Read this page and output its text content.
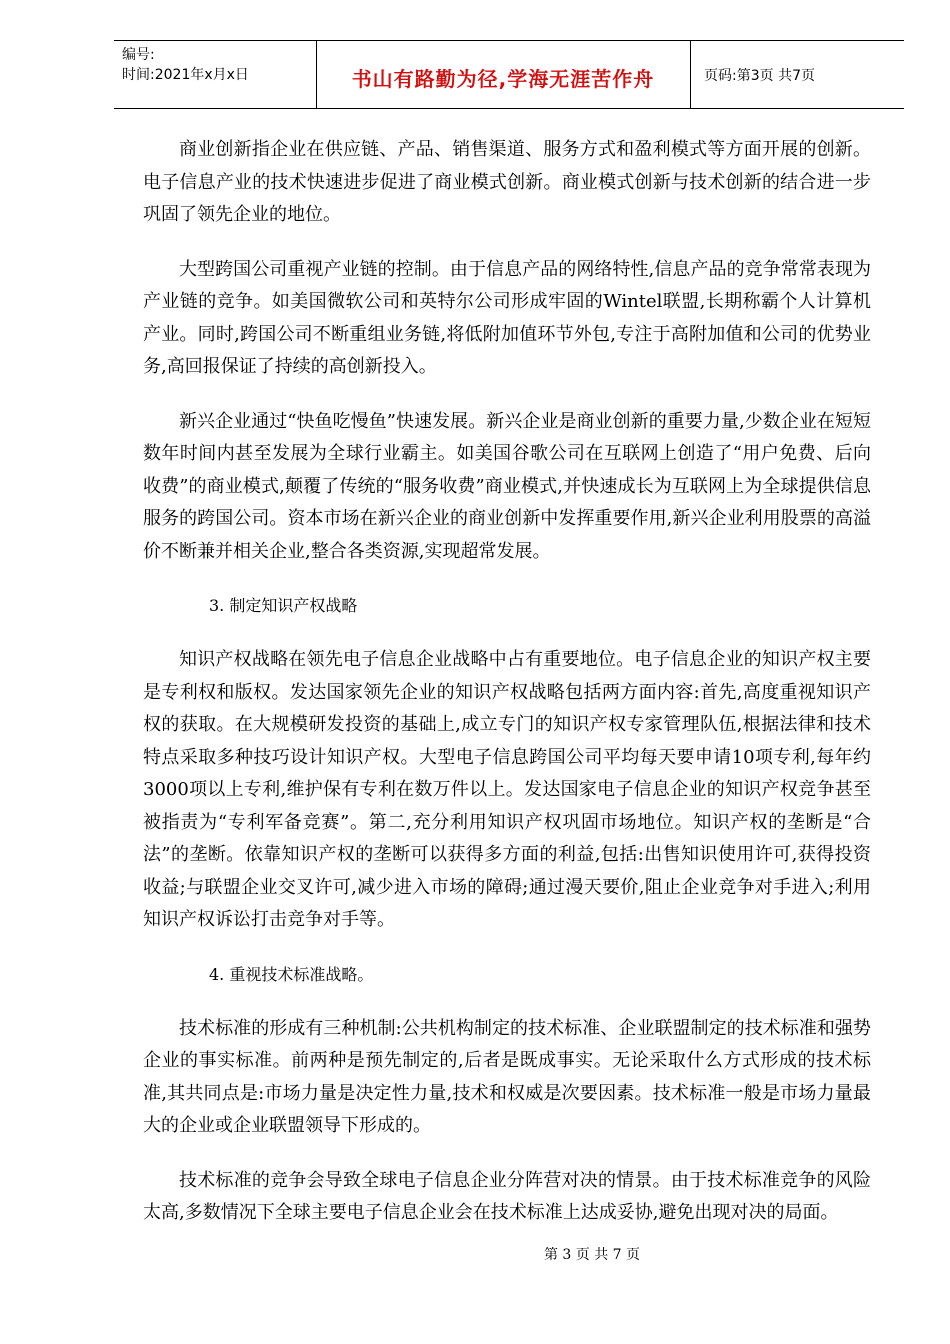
编号:
时间:2021年x月x日	书山有路勤为径,学海无涯苦作舟	页码:第3页 共7页

商业创新指企业在供应链、产品、销售渠道、服务方式和盈利模式等方面开展的创新。电子信息产业的技术快速进步促进了商业模式创新。商业模式创新与技术创新的结合进一步巩固了领先企业的地位。

大型跨国公司重视产业链的控制。由于信息产品的网络特性,信息产品的竞争常常表现为产业链的竞争。如美国微软公司和英特尔公司形成牢固的Wintel联盟,长期称霸个人计算机产业。同时,跨国公司不断重组业务链,将低附加值环节外包,专注于高附加值和公司的优势业务,高回报保证了持续的高创新投入。

新兴企业通过“快鱼吃慢鱼”快速发展。新兴企业是商业创新的重要力量,少数企业在短短数年时间内甚至发展为全球行业霸主。如美国谷歌公司在互联网上创造了“用户免费、后向收费”的商业模式,颠覆了传统的“服务收费”商业模式,并快速成长为互联网上为全球提供信息服务的跨国公司。资本市场在新兴企业的商业创新中发挥重要作用,新兴企业利用股票的高溢价不断兼并相关企业,整合各类资源,实现超常发展。

3. 制定知识产权战略

知识产权战略在领先电子信息企业战略中占有重要地位。电子信息企业的知识产权主要是专利权和版权。发达国家领先企业的知识产权战略包括两方面内容:首先,高度重视知识产权的获取。在大规模研发投资的基础上,成立专门的知识产权专家管理队伍,根据法律和技术特点采取多种技巧设计知识产权。大型电子信息跨国公司平均每天要申请10项专利,每年约3000项以上专利,维护保有专利在数万件以上。发达国家电子信息企业的知识产权竞争甚至被指责为“专利军备竞赛”。第二,充分利用知识产权巩固市场地位。知识产权的垄断是“合法”的垄断。依靠知识产权的垄断可以获得多方面的利益,包括:出售知识使用许可,获得投资收益;与联盟企业交叉许可,减少进入市场的障碍;通过漫天要价,阻止企业竞争对手进入;利用知识产权诉讼打击竞争对手等。

4. 重视技术标准战略。

技术标准的形成有三种机制:公共机构制定的技术标准、企业联盟制定的技术标准和强势企业的事实标准。前两种是预先制定的,后者是既成事实。无论采取什么方式形成的技术标准,其共同点是:市场力量是决定性力量,技术和权威是次要因素。技术标准一般是市场力量最大的企业或企业联盟领导下形成的。

技术标准的竞争会导致全球电子信息企业分阵营对决的情景。由于技术标准竞争的风险太高,多数情况下全球主要电子信息企业会在技术标准上达成妥协,避免出现对决的局面。

第 3 页 共 7 页
